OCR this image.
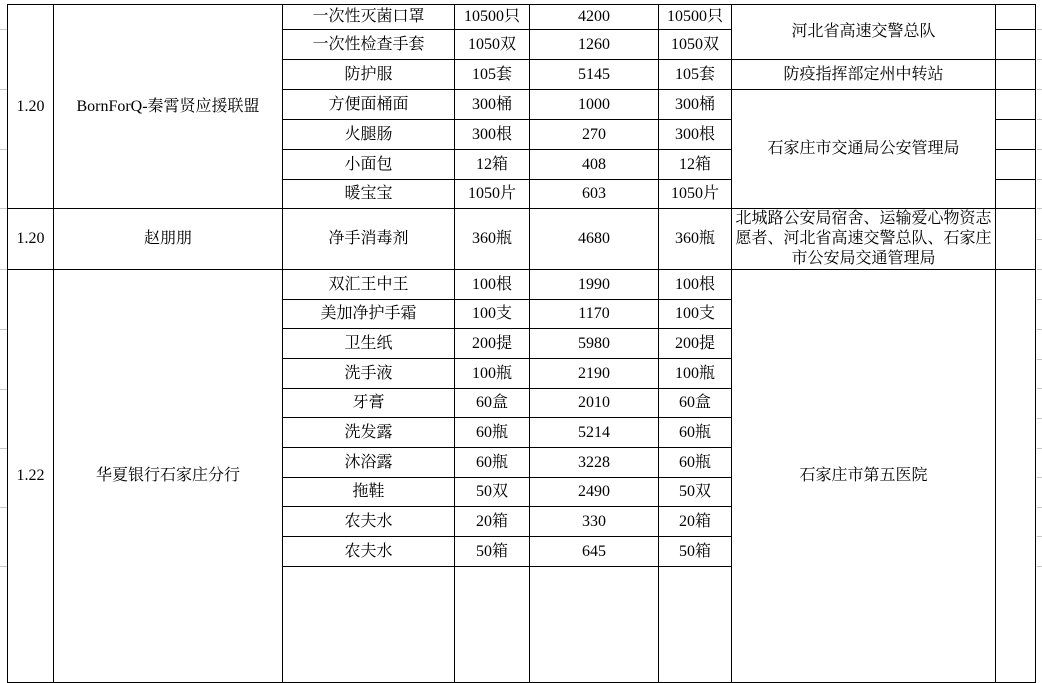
1.20	BornForQ-秦霄贤应援联盟	一次性灭菌口罩	10500只	4200	10500只	河北省高速交警总队	
		一次性检查手套	1050双	1260	1050双		
		防护服	105套	5145	105套	防疫指挥部定州中转站	
		方便面桶面	300桶	1000	300桶	石家庄市交通局公安管理局	
		火腿肠	300根	270	300根		
		小面包	12箱	408	12箱		
		暖宝宝	1050片	603	1050片		
1.20	赵朋朋	净手消毒剂	360瓶	4680	360瓶	北城路公安局宿舍、运输爱心物资志愿者、河北省高速交警总队、石家庄市公安局交通管理局	
1.22	华夏银行石家庄分行	双汇王中王	100根	1990	100根	石家庄市第五医院	
		美加净护手霜	100支	1170	100支		
		卫生纸	200提	5980	200提		
		洗手液	100瓶	2190	100瓶		
		牙膏	60盒	2010	60盒		
		洗发露	60瓶	5214	60瓶		
		沐浴露	60瓶	3228	60瓶		
		拖鞋	50双	2490	50双		
		农夫水	20箱	330	20箱		
		农夫水	50箱	645	50箱		
